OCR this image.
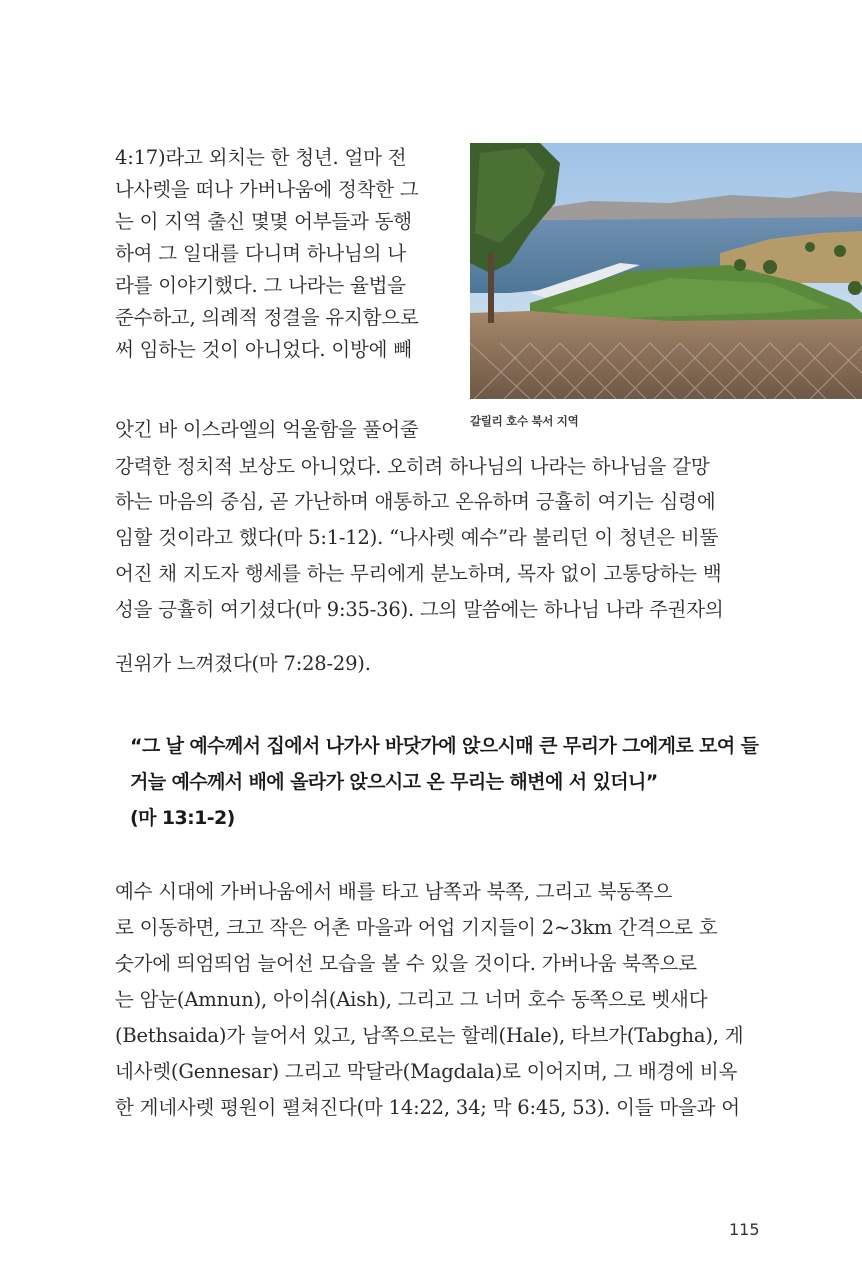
갈릴리 호수 북서 지역
4:17)라고 외치는 한 청년. 얼마 전
나사렛을 떠나 가버나움에 정착한 그
는 이 지역 출신 몇몇 어부들과 동행
하여 그 일대를 다니며 하나님의 나
라를 이야기했다. 그 나라는 율법을
준수하고, 의례적 정결을 유지함으로
써 임하는 것이 아니었다. 이방에 빼
앗긴 바 이스라엘의 억울함을 풀어줄
강력한 정치적 보상도 아니었다. 오히려 하나님의 나라는 하나님을 갈망
하는 마음의 중심, 곧 가난하며 애통하고 온유하며 긍휼히 여기는 심령에
임할 것이라고 했다(마 5:1-12). “나사렛 예수”라 불리던 이 청년은 비뚤
어진 채 지도자 행세를 하는 무리에게 분노하며, 목자 없이 고통당하는 백
성을 긍휼히 여기셨다(마 9:35-36). 그의 말씀에는 하나님 나라 주권자의
권위가 느껴졌다(마 7:28-29).
“그 날 예수께서 집에서 나가사 바닷가에 앉으시매 큰 무리가 그에게로 모여 들
거늘 예수께서 배에 올라가 앉으시고 온 무리는 해변에 서 있더니”
(마 13:1-2)
예수 시대에 가버나움에서 배를 타고 남쪽과 북쪽, 그리고 북동쪽으
로 이동하면, 크고 작은 어촌 마을과 어업 기지들이 2~3km 간격으로 호
숫가에 띄엄띄엄 늘어선 모습을 볼 수 있을 것이다. 가버나움 북쪽으로
는 암눈(Amnun), 아이쉬(Aish), 그리고 그 너머 호수 동쪽으로 벳새다
(Bethsaida)가 늘어서 있고, 남쪽으로는 할레(Hale), 타브가(Tabgha), 게
네사렛(Gennesar) 그리고 막달라(Magdala)로 이어지며, 그 배경에 비옥
한 게네사렛 평원이 펼쳐진다(마 14:22, 34; 막 6:45, 53). 이들 마을과 어
115
